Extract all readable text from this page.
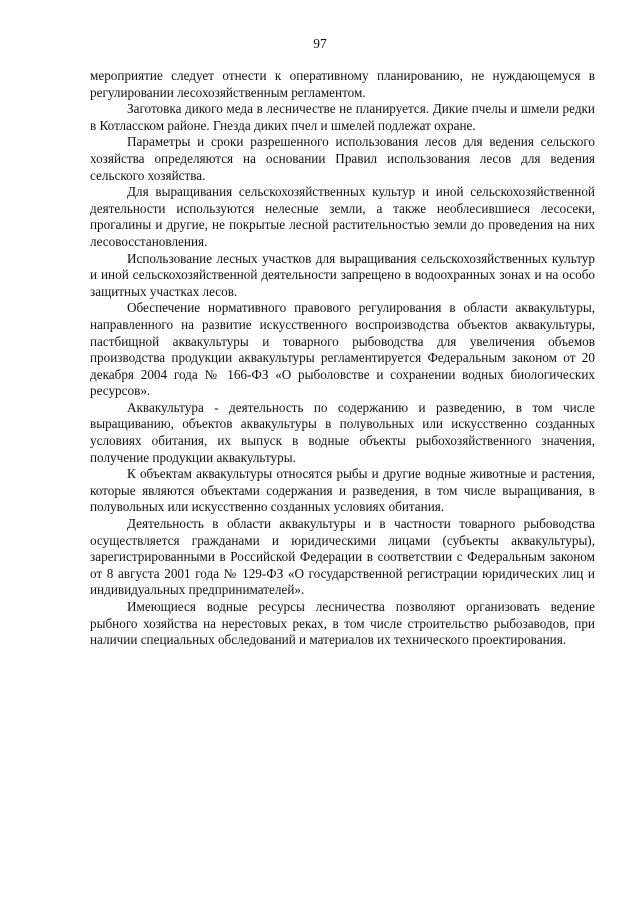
97

мероприятие следует отнести к оперативному планированию, не нуждающемуся в регулировании лесохозяйственным регламентом.

Заготовка дикого меда в лесничестве не планируется. Дикие пчелы и шмели редки в Котласском районе. Гнезда диких пчел и шмелей подлежат охране.

Параметры и сроки разрешенного использования лесов для ведения сельского хозяйства определяются на основании Правил использования лесов для ведения сельского хозяйства.

Для выращивания сельскохозяйственных культур и иной сельскохозяйственной деятельности используются нелесные земли, а также необлесившиеся лесосеки, прогалины и другие, не покрытые лесной растительностью земли до проведения на них лесовосстановления.

Использование лесных участков для выращивания сельскохозяйственных культур и иной сельскохозяйственной деятельности запрещено в водоохранных зонах и на особо защитных участках лесов.

Обеспечение нормативного правового регулирования в области аквакультуры, направленного на развитие искусственного воспроизводства объектов аквакультуры, пастбищной аквакультуры и товарного рыбоводства для увеличения объемов производства продукции аквакультуры регламентируется Федеральным законом от 20 декабря 2004 года № 166-ФЗ «О рыболовстве и сохранении водных биологических ресурсов».

Аквакультура - деятельность по содержанию и разведению, в том числе выращиванию, объектов аквакультуры в полувольных или искусственно созданных условиях обитания, их выпуск в водные объекты рыбохозяйственного значения, получение продукции аквакультуры.

К объектам аквакультуры относятся рыбы и другие водные животные и растения, которые являются объектами содержания и разведения, в том числе выращивания, в полувольных или искусственно созданных условиях обитания.

Деятельность в области аквакультуры и в частности товарного рыбоводства осуществляется гражданами и юридическими лицами (субъекты аквакультуры), зарегистрированными в Российской Федерации в соответствии с Федеральным законом от 8 августа 2001 года № 129-ФЗ «О государственной регистрации юридических лиц и индивидуальных предпринимателей».

Имеющиеся водные ресурсы лесничества позволяют организовать ведение рыбного хозяйства на нерестовых реках, в том числе строительство рыбозаводов, при наличии специальных обследований и материалов их технического проектирования.
